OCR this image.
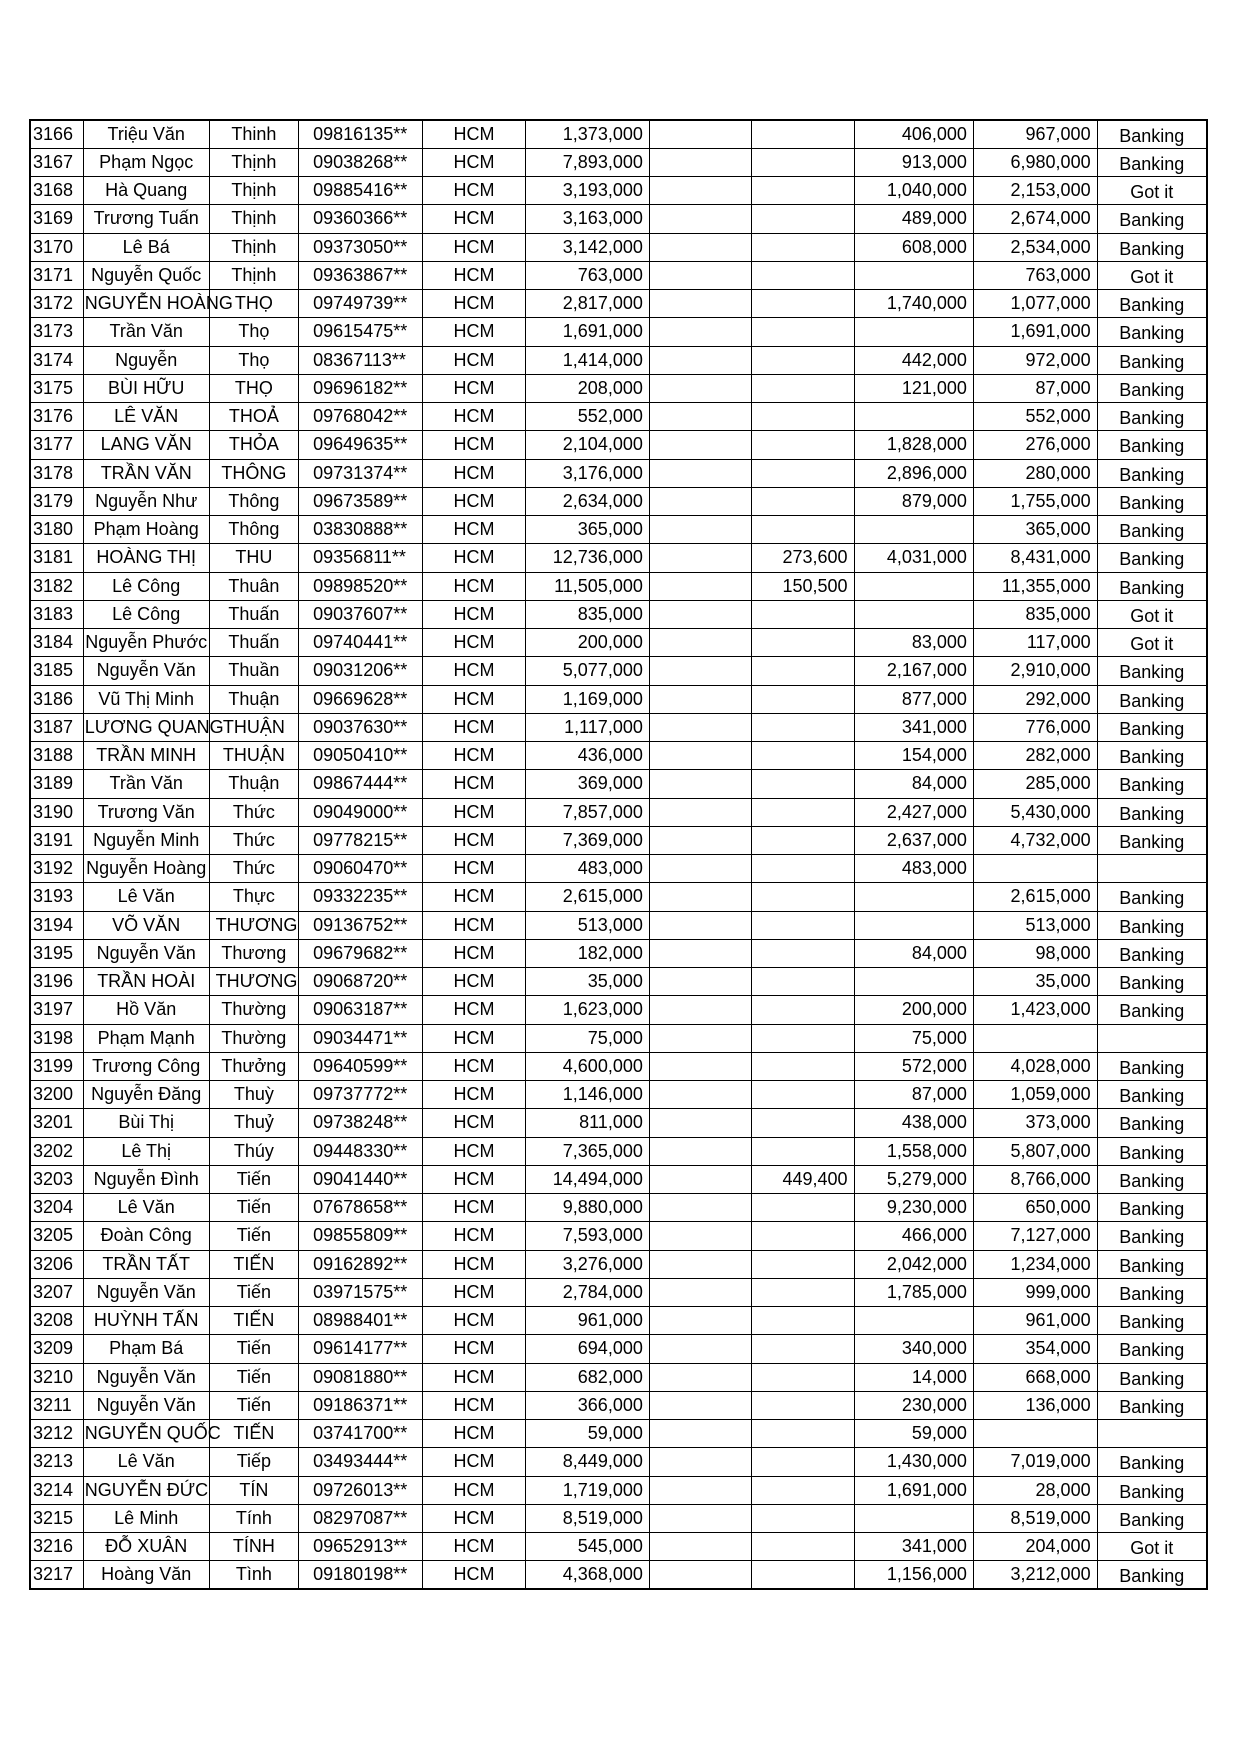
3166	Triệu Văn	Thinh	09816135**	HCM	1,373,000			406,000	967,000	Banking
3167	Phạm Ngọc	Thịnh	09038268**	HCM	7,893,000			913,000	6,980,000	Banking
3168	Hà Quang	Thịnh	09885416**	HCM	3,193,000			1,040,000	2,153,000	Got it
3169	Trương Tuấn	Thịnh	09360366**	HCM	3,163,000			489,000	2,674,000	Banking
3170	Lê Bá	Thịnh	09373050**	HCM	3,142,000			608,000	2,534,000	Banking
3171	Nguyễn Quốc	Thịnh	09363867**	HCM	763,000				763,000	Got it
3172	NGUYỄN HOÀNG	THỌ	09749739**	HCM	2,817,000			1,740,000	1,077,000	Banking
3173	Trần Văn	Thọ	09615475**	HCM	1,691,000				1,691,000	Banking
3174	Nguyễn	Thọ	08367113**	HCM	1,414,000			442,000	972,000	Banking
3175	BÙI HỮU	THỌ	09696182**	HCM	208,000			121,000	87,000	Banking
3176	LÊ VĂN	THOẢ	09768042**	HCM	552,000				552,000	Banking
3177	LANG VĂN	THỎA	09649635**	HCM	2,104,000			1,828,000	276,000	Banking
3178	TRẦN VĂN	THÔNG	09731374**	HCM	3,176,000			2,896,000	280,000	Banking
3179	Nguyễn Như	Thông	09673589**	HCM	2,634,000			879,000	1,755,000	Banking
3180	Phạm Hoàng	Thông	03830888**	HCM	365,000				365,000	Banking
3181	HOÀNG THỊ	THU	09356811**	HCM	12,736,000		273,600	4,031,000	8,431,000	Banking
3182	Lê Công	Thuân	09898520**	HCM	11,505,000		150,500		11,355,000	Banking
3183	Lê Công	Thuấn	09037607**	HCM	835,000				835,000	Got it
3184	Nguyễn Phước	Thuấn	09740441**	HCM	200,000			83,000	117,000	Got it
3185	Nguyễn Văn	Thuần	09031206**	HCM	5,077,000			2,167,000	2,910,000	Banking
3186	Vũ Thị Minh	Thuận	09669628**	HCM	1,169,000			877,000	292,000	Banking
3187	LƯƠNG QUANG	THUẬN	09037630**	HCM	1,117,000			341,000	776,000	Banking
3188	TRẦN MINH	THUẬN	09050410**	HCM	436,000			154,000	282,000	Banking
3189	Trần Văn	Thuận	09867444**	HCM	369,000			84,000	285,000	Banking
3190	Trương Văn	Thức	09049000**	HCM	7,857,000			2,427,000	5,430,000	Banking
3191	Nguyễn Minh	Thức	09778215**	HCM	7,369,000			2,637,000	4,732,000	Banking
3192	Nguyễn Hoàng	Thức	09060470**	HCM	483,000			483,000		
3193	Lê Văn	Thực	09332235**	HCM	2,615,000				2,615,000	Banking
3194	VÕ VĂN	THƯƠNG	09136752**	HCM	513,000				513,000	Banking
3195	Nguyễn Văn	Thương	09679682**	HCM	182,000			84,000	98,000	Banking
3196	TRẦN HOÀI	THƯƠNG	09068720**	HCM	35,000				35,000	Banking
3197	Hồ Văn	Thường	09063187**	HCM	1,623,000			200,000	1,423,000	Banking
3198	Phạm Mạnh	Thường	09034471**	HCM	75,000			75,000		
3199	Trương Công	Thưởng	09640599**	HCM	4,600,000			572,000	4,028,000	Banking
3200	Nguyễn Đăng	Thuỳ	09737772**	HCM	1,146,000			87,000	1,059,000	Banking
3201	Bùi Thị	Thuỷ	09738248**	HCM	811,000			438,000	373,000	Banking
3202	Lê Thị	Thúy	09448330**	HCM	7,365,000			1,558,000	5,807,000	Banking
3203	Nguyễn Đình	Tiến	09041440**	HCM	14,494,000		449,400	5,279,000	8,766,000	Banking
3204	Lê Văn	Tiến	07678658**	HCM	9,880,000			9,230,000	650,000	Banking
3205	Đoàn Công	Tiến	09855809**	HCM	7,593,000			466,000	7,127,000	Banking
3206	TRẦN TẤT	TIẾN	09162892**	HCM	3,276,000			2,042,000	1,234,000	Banking
3207	Nguyễn Văn	Tiến	03971575**	HCM	2,784,000			1,785,000	999,000	Banking
3208	HUỲNH TẤN	TIẾN	08988401**	HCM	961,000				961,000	Banking
3209	Phạm Bá	Tiến	09614177**	HCM	694,000			340,000	354,000	Banking
3210	Nguyễn Văn	Tiến	09081880**	HCM	682,000			14,000	668,000	Banking
3211	Nguyễn Văn	Tiến	09186371**	HCM	366,000			230,000	136,000	Banking
3212	NGUYỄN QUỐC	TIẾN	03741700**	HCM	59,000			59,000		
3213	Lê Văn	Tiếp	03493444**	HCM	8,449,000			1,430,000	7,019,000	Banking
3214	NGUYỄN ĐỨC	TÍN	09726013**	HCM	1,719,000			1,691,000	28,000	Banking
3215	Lê Minh	Tính	08297087**	HCM	8,519,000				8,519,000	Banking
3216	ĐỖ XUÂN	TÍNH	09652913**	HCM	545,000			341,000	204,000	Got it
3217	Hoàng Văn	Tình	09180198**	HCM	4,368,000			1,156,000	3,212,000	Banking
